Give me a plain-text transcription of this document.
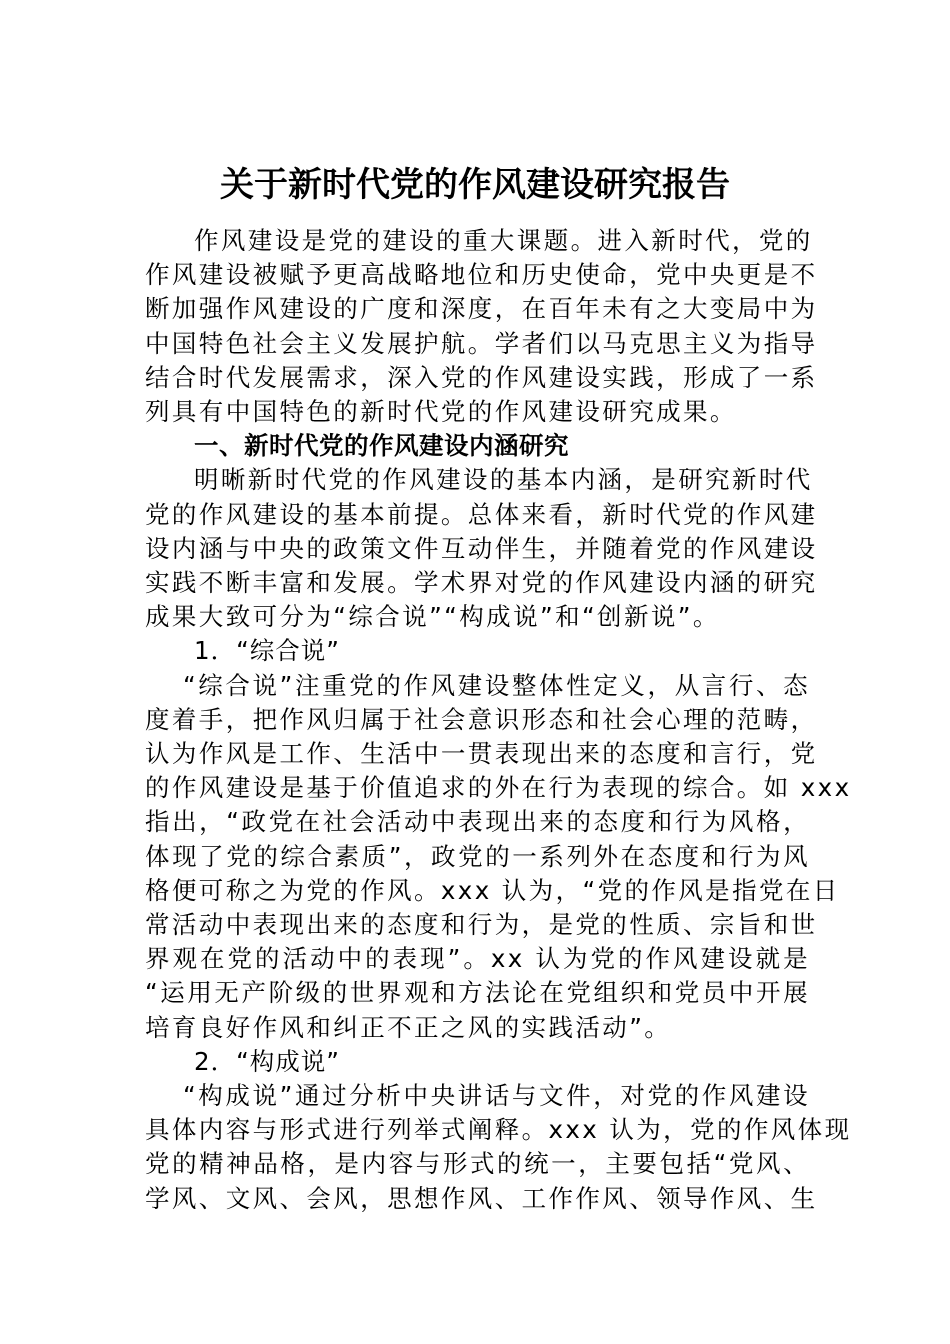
关于新时代党的作风建设研究报告
作风建设是党的建设的重大课题。进入新时代，党的
作风建设被赋予更高战略地位和历史使命，党中央更是不
断加强作风建设的广度和深度，在百年未有之大变局中为
中国特色社会主义发展护航。学者们以马克思主义为指导
结合时代发展需求，深入党的作风建设实践，形成了一系
列具有中国特色的新时代党的作风建设研究成果。
一、新时代党的作风建设内涵研究
明晰新时代党的作风建设的基本内涵，是研究新时代
党的作风建设的基本前提。总体来看，新时代党的作风建
设内涵与中央的政策文件互动伴生，并随着党的作风建设
实践不断丰富和发展。学术界对党的作风建设内涵的研究
成果大致可分为“综合说”“构成说”和“创新说”。
1．“综合说”
“综合说”注重党的作风建设整体性定义，从言行、态
度着手，把作风归属于社会意识形态和社会心理的范畴，
认为作风是工作、生活中一贯表现出来的态度和言行，党
的作风建设是基于价值追求的外在行为表现的综合。如 xxx
指出，“政党在社会活动中表现出来的态度和行为风格，
体现了党的综合素质”，政党的一系列外在态度和行为风
格便可称之为党的作风。xxx 认为，“党的作风是指党在日
常活动中表现出来的态度和行为，是党的性质、宗旨和世
界观在党的活动中的表现”。xx 认为党的作风建设就是
“运用无产阶级的世界观和方法论在党组织和党员中开展
培育良好作风和纠正不正之风的实践活动”。
2．“构成说”
“构成说”通过分析中央讲话与文件，对党的作风建设
具体内容与形式进行列举式阐释。xxx 认为，党的作风体现
党的精神品格，是内容与形式的统一，主要包括“党风、
学风、文风、会风，思想作风、工作作风、领导作风、生
